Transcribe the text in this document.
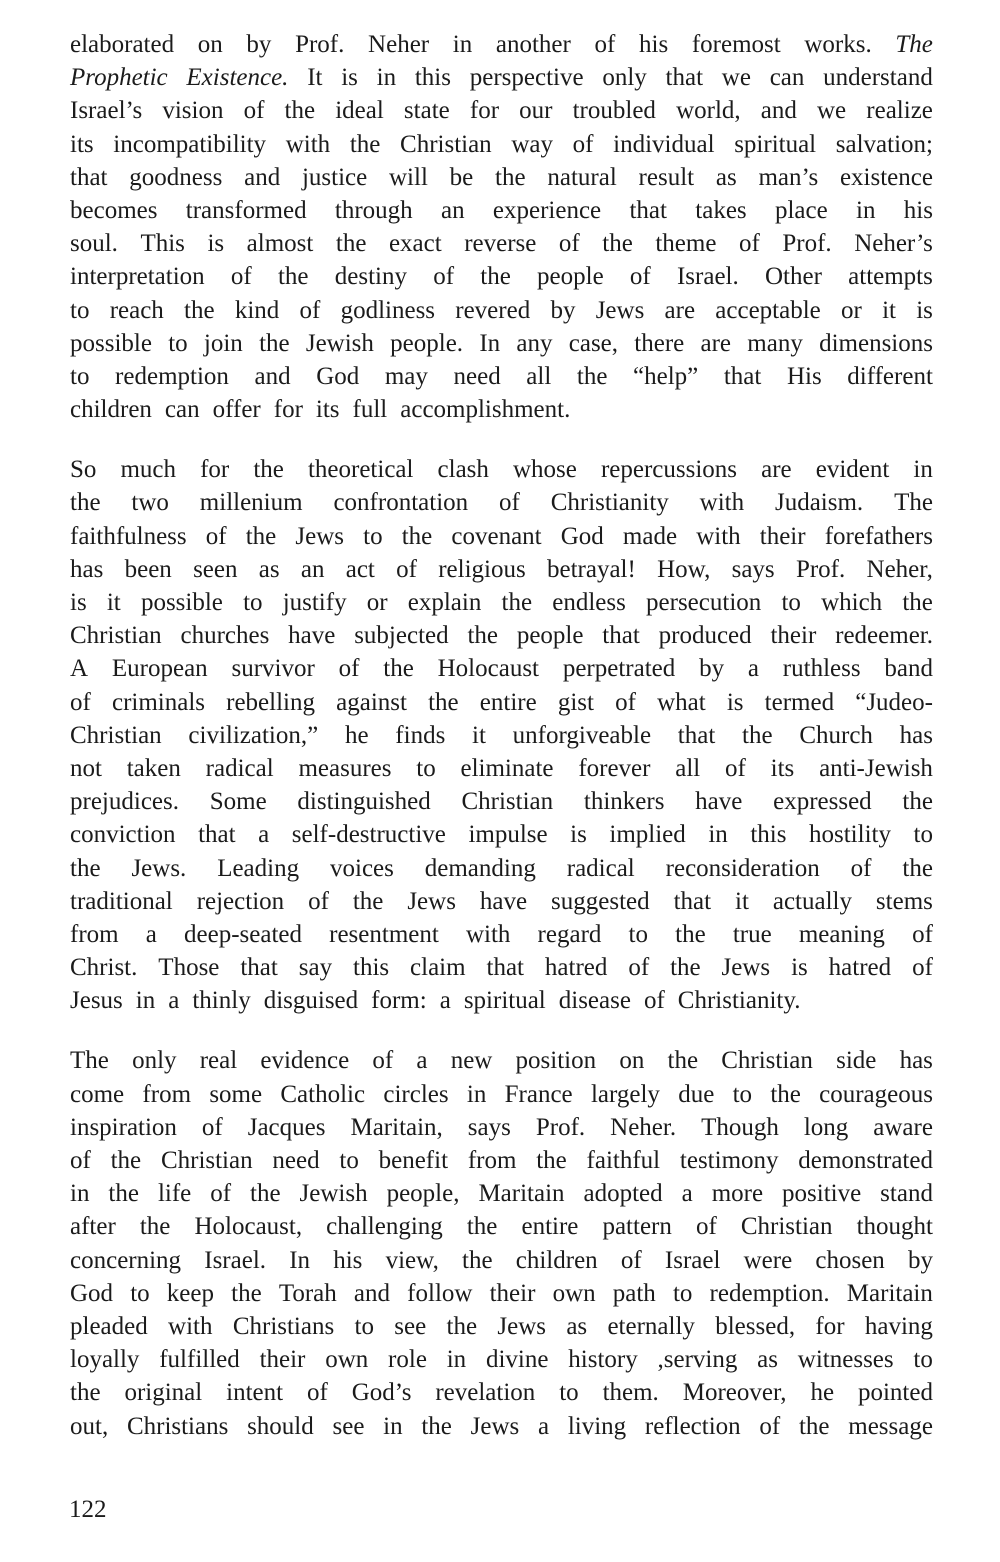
elaborated on by Prof. Neher in another of his foremost works. The
Prophetic Existence. It is in this perspective only that we can understand
Israel’s vision of the ideal state for our troubled world, and we realize
its incompatibility with the Christian way of individual spiritual salvation;
that goodness and justice will be the natural result as man’s existence
becomes transformed through an experience that takes place in his
soul. This is almost the exact reverse of the theme of Prof. Neher’s
interpretation of the destiny of the people of Israel. Other attempts
to reach the kind of godliness revered by Jews are acceptable or it is
possible to join the Jewish people. In any case, there are many dimensions
to redemption and God may need all the “help” that His different
children can offer for its full accomplishment.
So much for the theoretical clash whose repercussions are evident in
the two millenium confrontation of Christianity with Judaism. The
faithfulness of the Jews to the covenant God made with their forefathers
has been seen as an act of religious betrayal! How, says Prof. Neher,
is it possible to justify or explain the endless persecution to which the
Christian churches have subjected the people that produced their redeemer.
A European survivor of the Holocaust perpetrated by a ruthless band
of criminals rebelling against the entire gist of what is termed “Judeo-
Christian civilization,” he finds it unforgiveable that the Church has
not taken radical measures to eliminate forever all of its anti-Jewish
prejudices. Some distinguished Christian thinkers have expressed the
conviction that a self-destructive impulse is implied in this hostility to
the Jews. Leading voices demanding radical reconsideration of the
traditional rejection of the Jews have suggested that it actually stems
from a deep-seated resentment with regard to the true meaning of
Christ. Those that say this claim that hatred of the Jews is hatred of
Jesus in a thinly disguised form: a spiritual disease of Christianity.
The only real evidence of a new position on the Christian side has
come from some Catholic circles in France largely due to the courageous
inspiration of Jacques Maritain, says Prof. Neher. Though long aware
of the Christian need to benefit from the faithful testimony demonstrated
in the life of the Jewish people, Maritain adopted a more positive stand
after the Holocaust, challenging the entire pattern of Christian thought
concerning Israel. In his view, the children of Israel were chosen by
God to keep the Torah and follow their own path to redemption. Maritain
pleaded with Christians to see the Jews as eternally blessed, for having
loyally fulfilled their own role in divine history ,serving as witnesses to
the original intent of God’s revelation to them. Moreover, he pointed
out, Christians should see in the Jews a living reflection of the message
122
